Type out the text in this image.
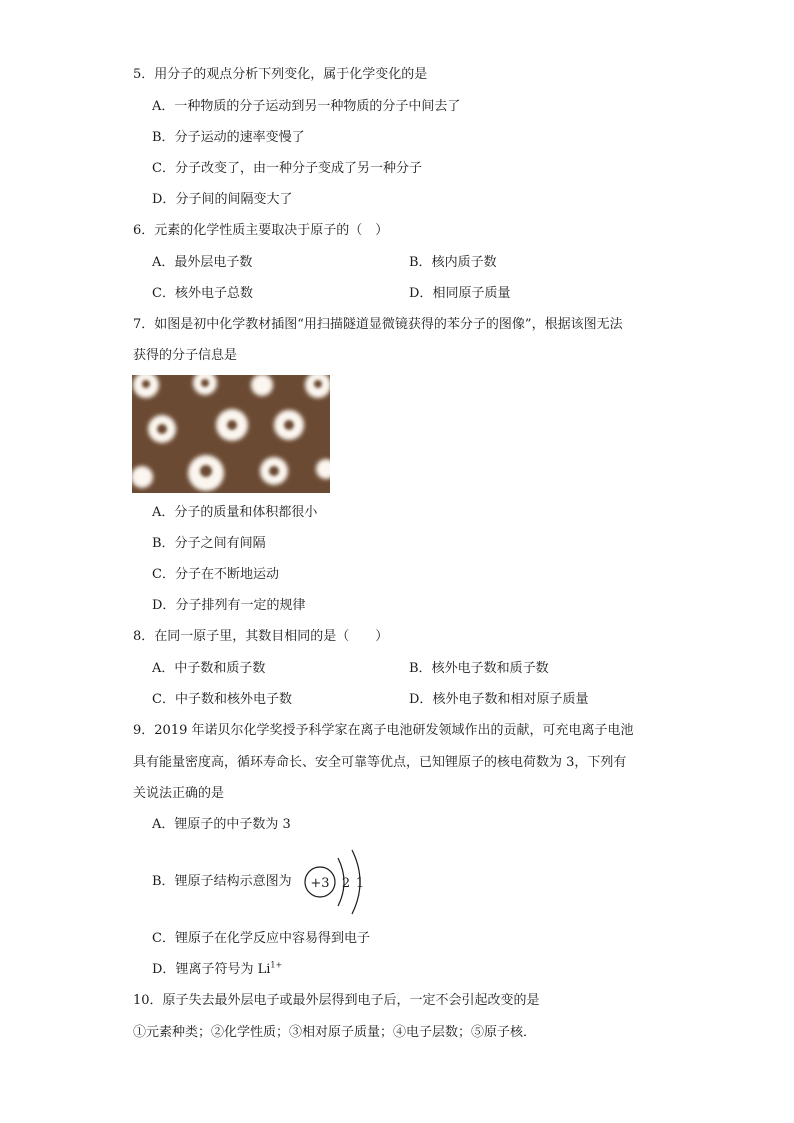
5．用分子的观点分析下列变化，属于化学变化的是
A．一种物质的分子运动到另一种物质的分子中间去了
B．分子运动的速率变慢了
C．分子改变了，由一种分子变成了另一种分子
D．分子间的间隔变大了
6．元素的化学性质主要取决于原子的（　）
A．最外层电子数	B．核内质子数
C．核外电子总数	D．相同原子质量
7．如图是初中化学教材插图“用扫描隧道显微镜获得的苯分子的图像”，根据该图无法
获得的分子信息是
A．分子的质量和体积都很小
B．分子之间有间隔
C．分子在不断地运动
D．分子排列有一定的规律
8．在同一原子里，其数目相同的是（　　）
A．中子数和质子数	B．核外电子数和质子数
C．中子数和核外电子数	D．核外电子数和相对原子质量
9．2019 年诺贝尔化学奖授予科学家在离子电池研发领域作出的贡献，可充电离子电池
具有能量密度高，循环寿命长、安全可靠等优点，已知锂原子的核电荷数为 3，下列有
关说法正确的是
A．锂原子的中子数为 3
B．锂原子结构示意图为 +3 2 1
C．锂原子在化学反应中容易得到电子
D．锂离子符号为 $Li^{1+}$
10．原子失去最外层电子或最外层得到电子后，一定不会引起改变的是
①元素种类；②化学性质；③相对原子质量；④电子层数；⑤原子核．
